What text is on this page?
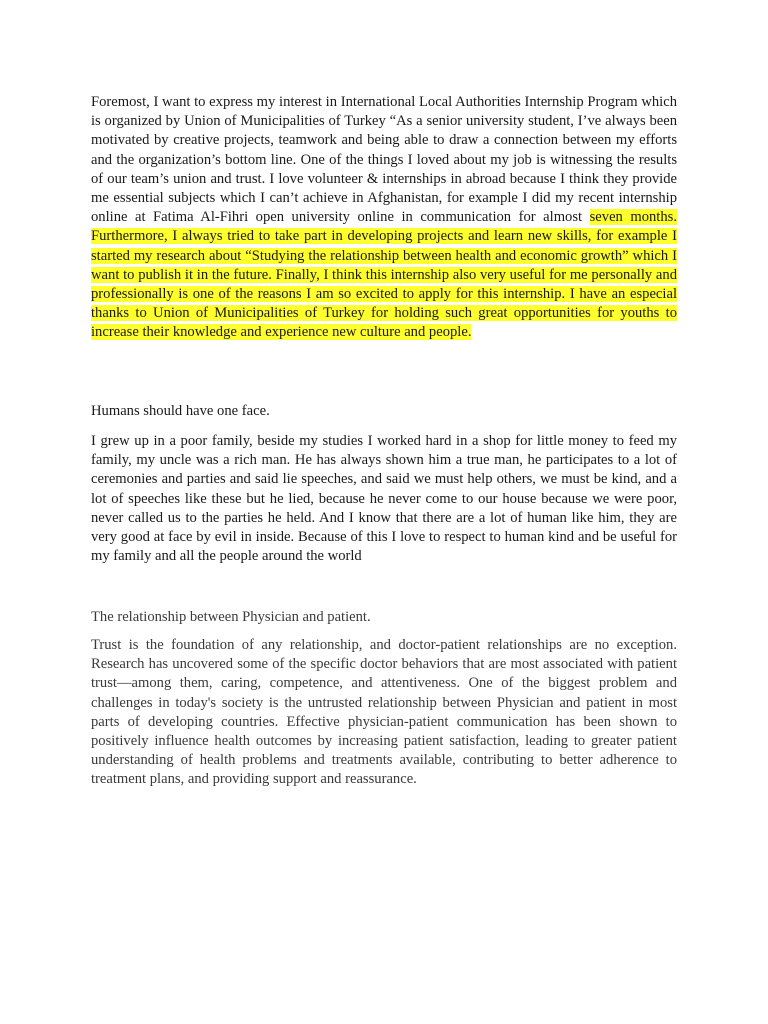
Foremost, I want to express my interest in International Local Authorities Internship Program which is organized by Union of Municipalities of Turkey “As a senior university student, I’ve always been motivated by creative projects, teamwork and being able to draw a connection between my efforts and the organization’s bottom line. One of the things I loved about my job is witnessing the results of our team’s union and trust. I love volunteer & internships in abroad because I think they provide me essential subjects which I can’t achieve in Afghanistan, for example I did my recent internship online at Fatima Al-Fihri open university online in communication for almost seven months. Furthermore, I always tried to take part in developing projects and learn new skills, for example I started my research about “Studying the relationship between health and economic growth” which I want to publish it in the future. Finally, I think this internship also very useful for me personally and professionally is one of the reasons I am so excited to apply for this internship. I have an especial thanks to Union of Municipalities of Turkey for holding such great opportunities for youths to increase their knowledge and experience new culture and people.

Humans should have one face.

I grew up in a poor family, beside my studies I worked hard in a shop for little money to feed my family, my uncle was a rich man. He has always shown him a true man, he participates to a lot of ceremonies and parties and said lie speeches, and said we must help others, we must be kind, and a lot of speeches like these but he lied, because he never come to our house because we were poor, never called us to the parties he held. And I know that there are a lot of human like him, they are very good at face by evil in inside. Because of this I love to respect to human kind and be useful for my family and all the people around the world

The relationship between Physician and patient.

Trust is the foundation of any relationship, and doctor-patient relationships are no exception. Research has uncovered some of the specific doctor behaviors that are most associated with patient trust—among them, caring, competence, and attentiveness. One of the biggest problem and challenges in today's society is the untrusted relationship between Physician and patient in most parts of developing countries. Effective physician-patient communication has been shown to positively influence health outcomes by increasing patient satisfaction, leading to greater patient understanding of health problems and treatments available, contributing to better adherence to treatment plans, and providing support and reassurance.
